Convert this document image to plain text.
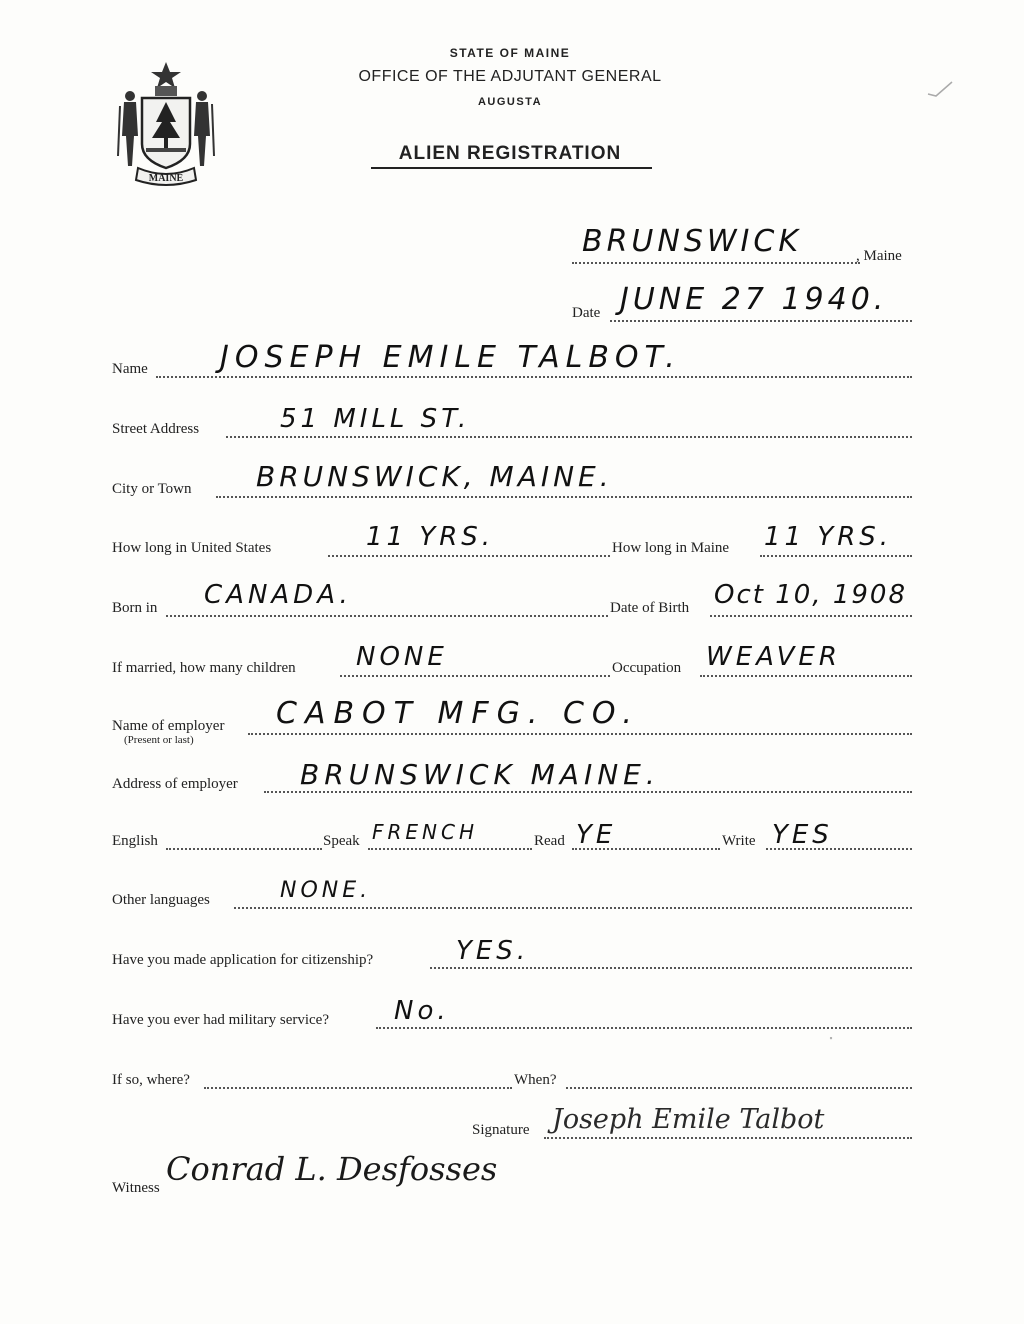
MAINE
STATE OF MAINE
OFFICE OF THE ADJUTANT GENERAL
AUGUSTA
ALIEN REGISTRATION
BRUNSWICK	, Maine
Date JUNE 27 1940.
Name JOSEPH EMILE TALBOT.
Street Address	51 MILL ST.
City or Town BRUNSWICK, MAINE.
How long in United States	11 YRS.	How long in Maine 11 YRS.
Born in CANADA.	Date of Birth Oct 10, 1908
If married, how many children NONE	Occupation WEAVER
Name of employer
(Present or last)
CABOT MFG. CO.
Address of employer BRUNSWICK MAINE.
English	Speak FRENCH	Read YE	Write YES
Other languages	NONE.
Have you made application for citizenship?	YES.
Have you ever had military service?	No.
If so, where?	When?
Signature Joseph Emile Talbot
Witness Conrad L. Desfosses
⸼
